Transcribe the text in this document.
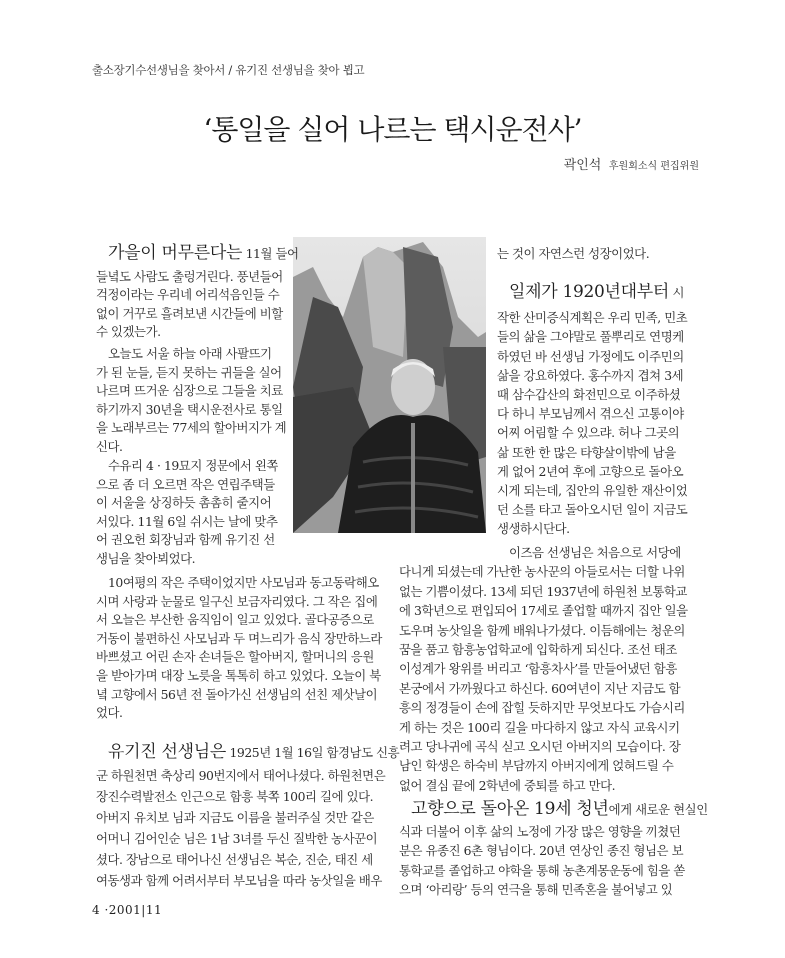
출소장기수선생님을 찾아서 / 유기진 선생님을 찾아 뵙고
‘통일을 실어 나르는 택시운전사’
곽인석 후원회소식 편집위원
가을이 머무른다는 11월 들어
들녘도 사람도 출렁거린다. 풍년들어
걱정이라는 우리네 어리석음인들 수
없이 거꾸로 흘려보낸 시간들에 비할
수 있겠는가.
오늘도 서울 하늘 아래 사팔뜨기
가 된 눈들, 듣지 못하는 귀들을 실어
나르며 뜨거운 심장으로 그들을 치료
하기까지 30년을 택시운전사로 통일
을 노래부르는 77세의 할아버지가 계
신다.
수유리 4 · 19묘지 정문에서 왼쪽
으로 좀 더 오르면 작은 연립주택들
이 서울을 상징하듯 촘촘히 줄지어
서있다. 11월 6일 쉬시는 날에 맞추
어 권오헌 회장님과 함께 유기진 선
생님을 찾아뵈었다.
10여평의 작은 주택이었지만 사모님과 동고동락해오
시며 사랑과 눈물로 일구신 보금자리였다. 그 작은 집에
서 오늘은 부산한 움직임이 일고 있었다. 골다공증으로
거동이 불편하신 사모님과 두 며느리가 음식 장만하느라
바쁘셨고 어린 손자 손녀들은 할아버지, 할머니의 응원
을 받아가며 대장 노릇을 톡톡히 하고 있었다. 오늘이 북
녘 고향에서 56년 전 돌아가신 선생님의 선친 제삿날이
었다.
유기진 선생님은 1925년 1월 16일 함경남도 신흥
군 하원천면 축상리 90번지에서 태어나셨다. 하원천면은
장진수력발전소 인근으로 함흥 북쪽 100리 길에 있다.
아버지 유치보 님과 지금도 이름을 불러주실 것만 같은
어머니 김어인순 님은 1남 3녀를 두신 질박한 농사꾼이
셨다. 장남으로 태어나신 선생님은 복순, 진순, 태진 세
여동생과 함께 어려서부터 부모님을 따라 농삿일을 배우
는 것이 자연스런 성장이었다.
일제가 1920년대부터 시
작한 산미증식계획은 우리 민족, 민초
들의 삶을 그야말로 풀뿌리로 연명케
하였던 바 선생님 가정에도 이주민의
삶을 강요하였다. 홍수까지 겹쳐 3세
때 삼수갑산의 화전민으로 이주하셨
다 하니 부모님께서 겪으신 고통이야
어찌 어림할 수 있으랴. 허나 그곳의
삶 또한 한 많은 타향살이밖에 남을
게 없어 2년여 후에 고향으로 돌아오
시게 되는데, 집안의 유일한 재산이었
던 소를 타고 돌아오시던 일이 지금도
생생하시단다.
이즈음 선생님은 처음으로 서당에
다니게 되셨는데 가난한 농사꾼의 아들로서는 더할 나위
없는 기쁨이셨다. 13세 되던 1937년에 하원천 보통학교
에 3학년으로 편입되어 17세로 졸업할 때까지 집안 일을
도우며 농삿일을 함께 배워나가셨다. 이듬해에는 청운의
꿈을 품고 함흥농업학교에 입학하게 되신다. 조선 태조
이성계가 왕위를 버리고 ‘함흥차사’를 만들어냈던 함흥
본궁에서 가까웠다고 하신다. 60여년이 지난 지금도 함
흥의 정경들이 손에 잡힐 듯하지만 무엇보다도 가슴시리
게 하는 것은 100리 길을 마다하지 않고 자식 교육시키
려고 당나귀에 곡식 싣고 오시던 아버지의 모습이다. 장
남인 학생은 하숙비 부담까지 아버지에게 얹혀드릴 수
없어 결심 끝에 2학년에 중퇴를 하고 만다.
고향으로 돌아온 19세 청년에게 새로운 현실인
식과 더불어 이후 삶의 노정에 가장 많은 영향을 끼쳤던
분은 유종진 6촌 형님이다. 20년 연상인 종진 형님은 보
통학교를 졸업하고 야학을 통해 농촌계몽운동에 힘을 쏟
으며 ‘아리랑’ 등의 연극을 통해 민족혼을 불어넣고 있
4 ·2001|11
